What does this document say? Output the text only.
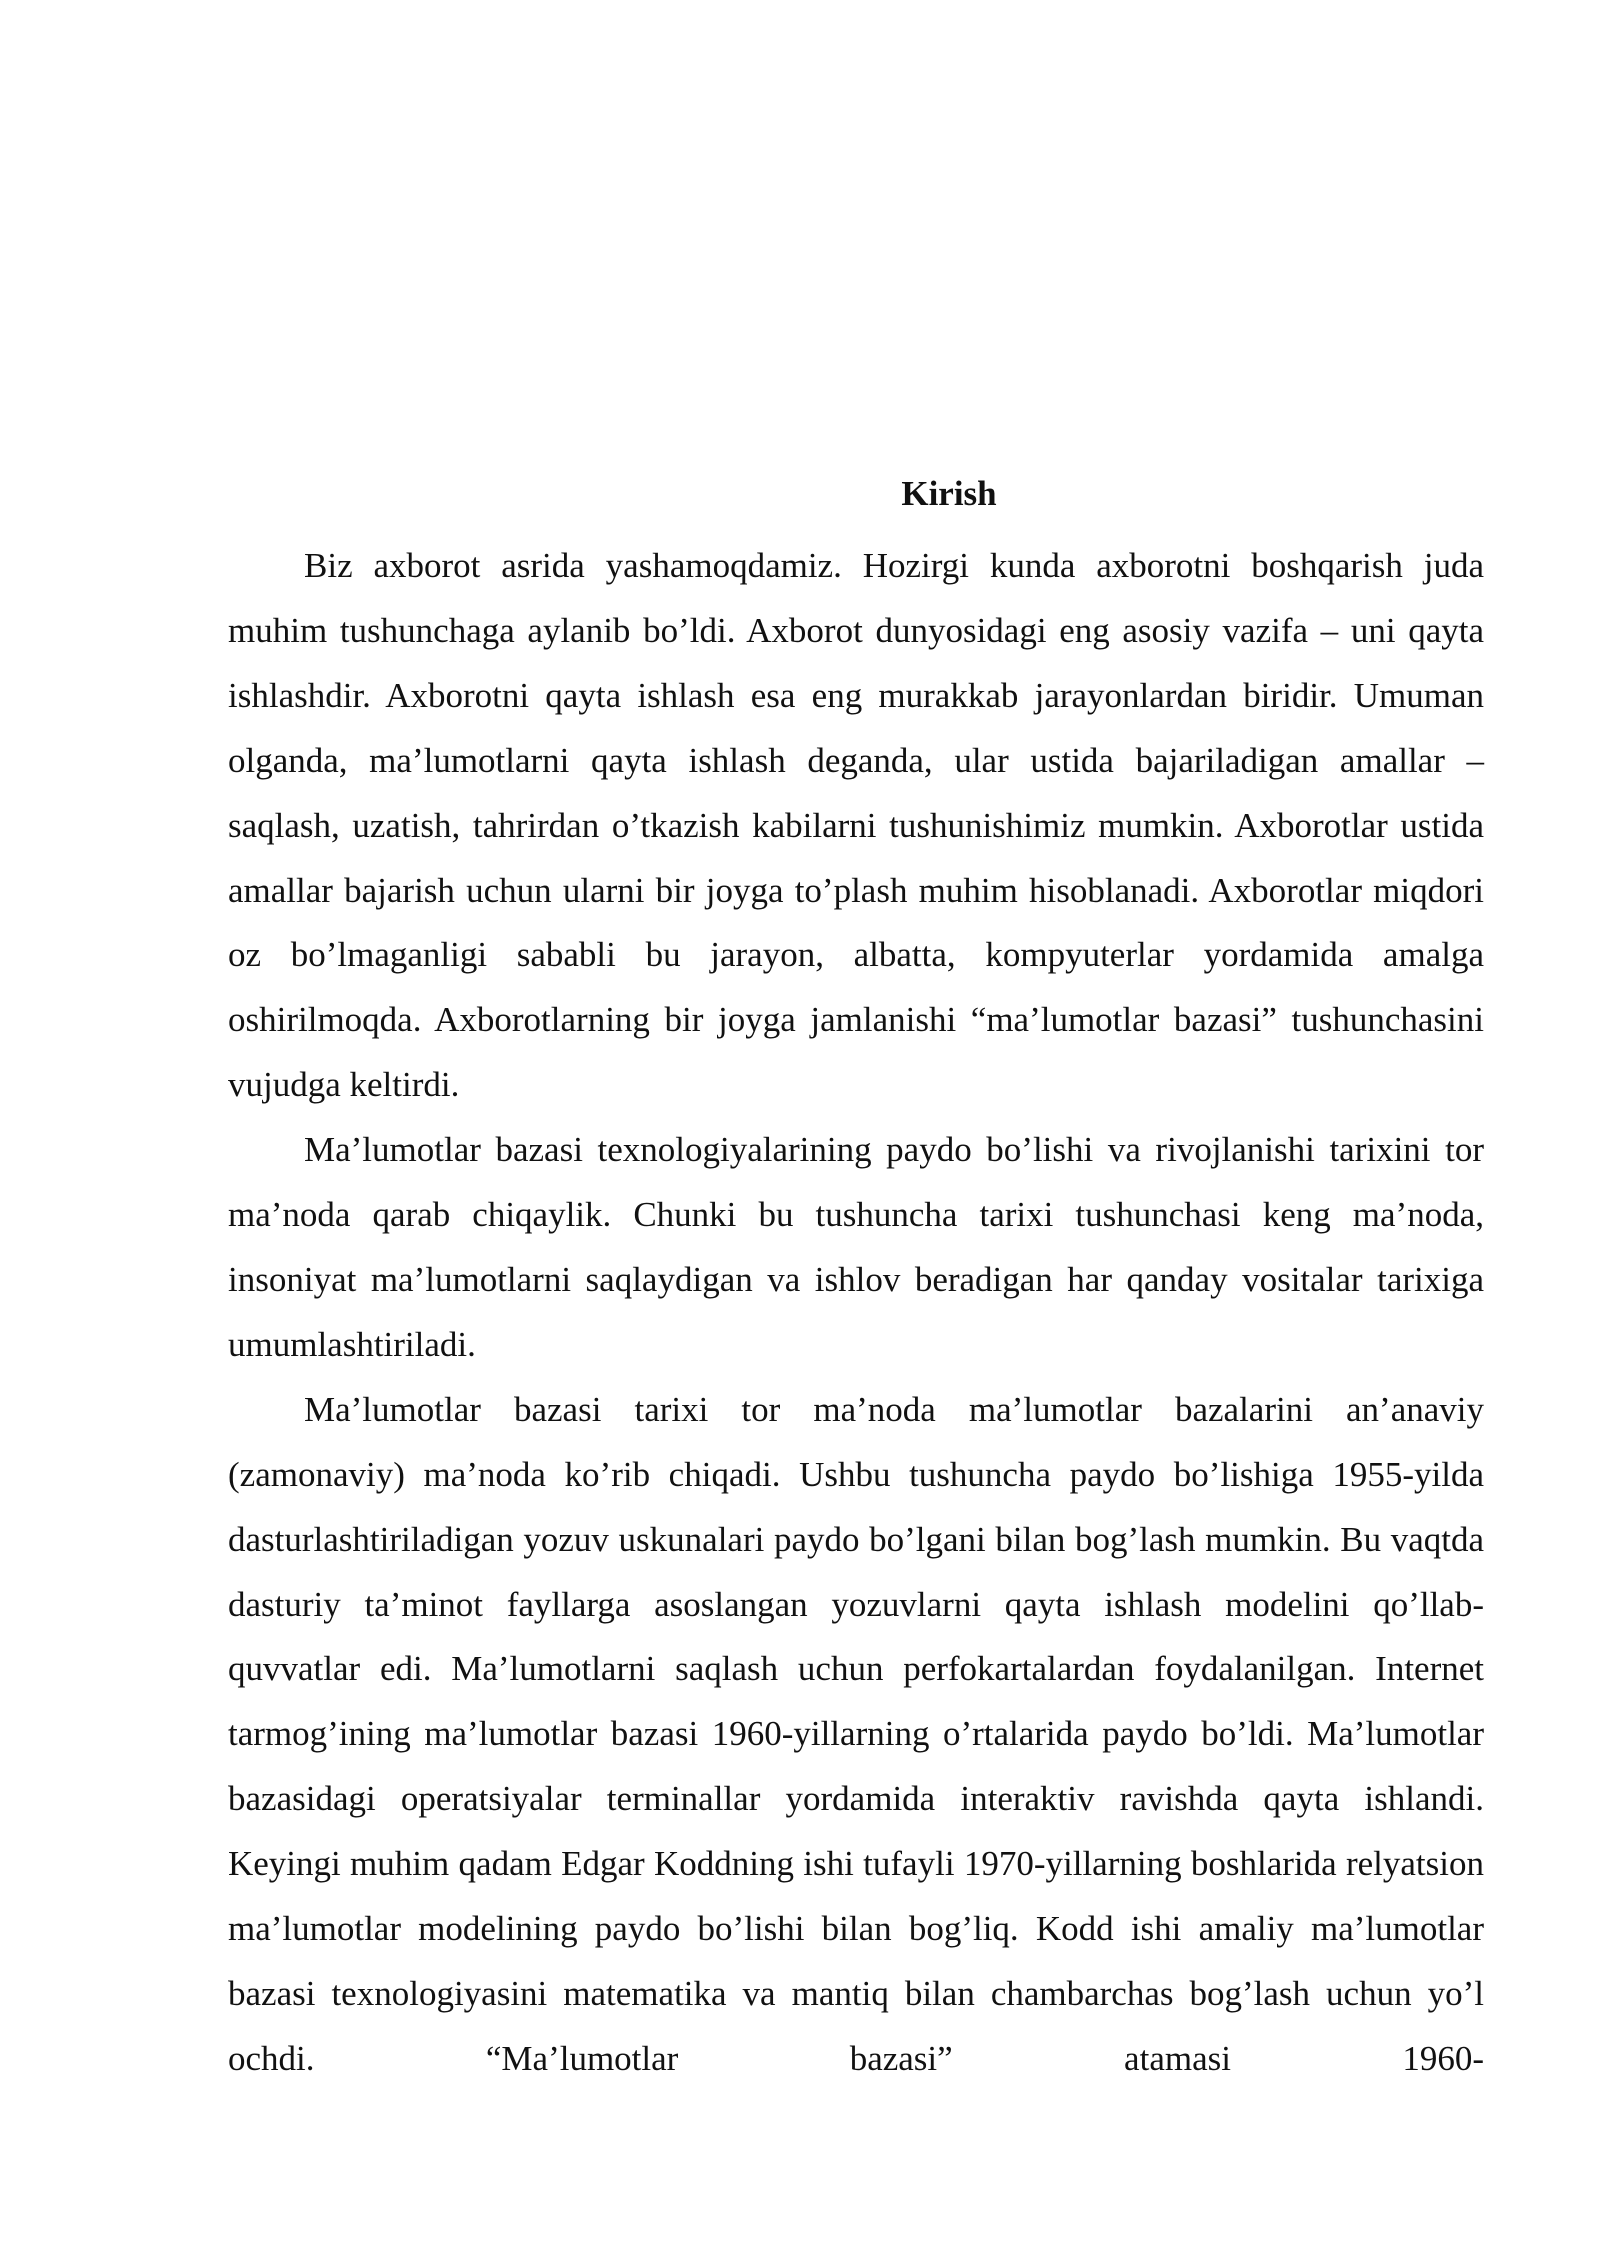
Kirish

Biz axborot asrida yashamoqdamiz. Hozirgi kunda axborotni boshqarish juda muhim tushunchaga aylanib bo’ldi. Axborot dunyosidagi eng asosiy vazifa – uni qayta ishlashdir. Axborotni qayta ishlash esa eng murakkab jarayonlardan biridir. Umuman olganda, ma’lumotlarni qayta ishlash deganda, ular ustida bajariladigan amallar – saqlash, uzatish, tahrirdan o’tkazish kabilarni tushunishimiz mumkin. Axborotlar ustida amallar bajarish uchun ularni bir joyga to’plash muhim hisoblanadi. Axborotlar miqdori oz bo’lmaganligi sababli bu jarayon, albatta, kompyuterlar yordamida amalga oshirilmoqda. Axborotlarning bir joyga jamlanishi “ma’lumotlar bazasi” tushunchasini vujudga keltirdi.

Ma’lumotlar bazasi texnologiyalarining paydo bo’lishi va rivojlanishi tarixini tor ma’noda qarab chiqaylik. Chunki bu tushuncha tarixi tushunchasi keng ma’noda, insoniyat ma’lumotlarni saqlaydigan va ishlov beradigan har qanday vositalar tarixiga umumlashtiriladi.

Ma’lumotlar bazasi tarixi tor ma’noda ma’lumotlar bazalarini an’anaviy (zamonaviy) ma’noda ko’rib chiqadi. Ushbu tushuncha paydo bo’lishiga 1955-yilda dasturlashtiriladigan yozuv uskunalari paydo bo’lgani bilan bog’lash mumkin. Bu vaqtda dasturiy ta’minot fayllarga asoslangan yozuvlarni qayta ishlash modelini qo’llab-quvvatlar edi. Ma’lumotlarni saqlash uchun perfokartalardan foydalanilgan. Internet tarmog’ining ma’lumotlar bazasi 1960-yillarning o’rtalarida paydo bo’ldi. Ma’lumotlar bazasidagi operatsiyalar terminallar yordamida interaktiv ravishda qayta ishlandi. Keyingi muhim qadam Edgar Koddning ishi tufayli 1970-yillarning boshlarida relyatsion ma’lumotlar modelining paydo bo’lishi bilan bog’liq. Kodd ishi amaliy ma’lumotlar bazasi texnologiyasini matematika va mantiq bilan chambarchas bog’lash uchun yo’l ochdi. “Ma’lumotlar bazasi” atamasi 1960-
